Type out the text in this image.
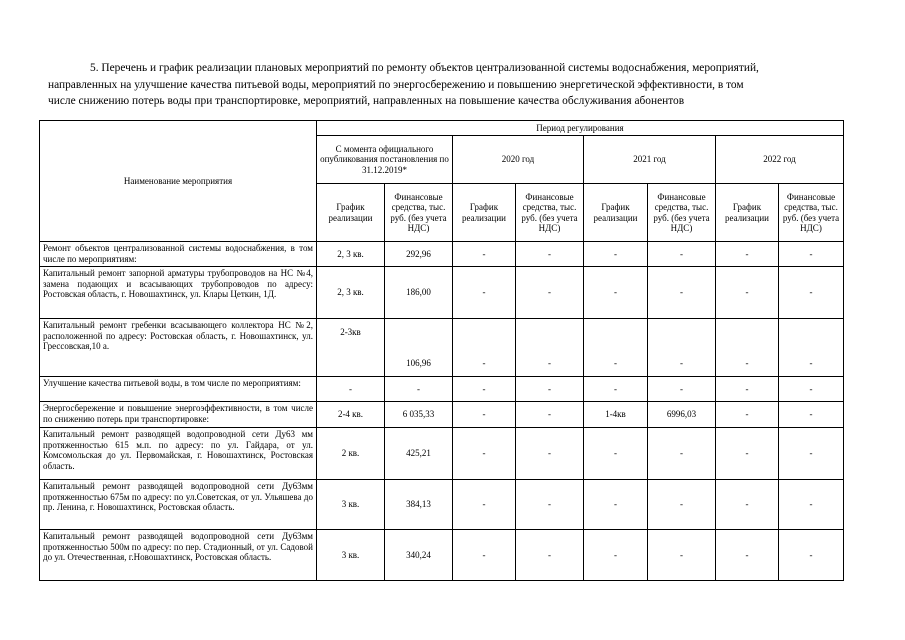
5. Перечень и график реализации плановых мероприятий по ремонту объектов централизованной системы водоснабжения, мероприятий,
направленных на улучшение качества питьевой воды, мероприятий по энергосбережению и повышению энергетической эффективности, в том
числе снижению потерь воды при транспортировке, мероприятий, направленных на повышение качества обслуживания абонентов
Наименование мероприятия	Период регулирования							
	С момента официального опубликования постановления по 31.12.2019*		2020 год		2021 год		2022 год	
	График реализации	Финансовые средства, тыс. руб. (без учета НДС)	График реализации	Финансовые средства, тыс. руб. (без учета НДС)	График реализации	Финансовые средства, тыс. руб. (без учета НДС)	График реализации	Финансовые средства, тыс. руб. (без учета НДС)
Ремонт объектов централизованной системы водоснабжения, в том числе по мероприятиям:	2, 3 кв.	292,96	-	-	-	-	-	-
Капитальный ремонт запорной арматуры трубопроводов на НС №4, замена подающих и всасывающих трубопроводов по адресу: Ростовская область, г. Новошахтинск, ул. Клары Цеткин, 1Д.	2, 3 кв.	186,00	-	-	-	-	-	-
Капитальный ремонт гребенки всасывающего коллектора НС №2, расположенной по адресу: Ростовская область, г. Новошахтинск, ул. Грессовская,10 а.	2-3кв	106,96	-	-	-	-	-	-
Улучшение качества питьевой воды, в том числе по мероприятиям:	-	-	-	-	-	-	-	-
Энергосбережение и повышение энергоэффективности, в том числе по снижению потерь при транспортировке:	2-4 кв.	6 035,33	-	-	1-4кв	6996,03	-	-
Капитальный ремонт разводящей водопроводной сети Ду63 мм протяженностью 615 м.п. по адресу: по ул. Гайдара, от ул. Комсомольская до ул. Первомайская, г. Новошахтинск, Ростовская область.	2 кв.	425,21	-	-	-	-	-	-
Капитальный ремонт разводящей водопроводной сети Ду63мм протяженностью 675м по адресу: по ул.Советская, от ул. Ульяшева до пр. Ленина, г. Новошахтинск, Ростовская область.	3 кв.	384,13	-	-	-	-	-	-
Капитальный ремонт разводящей водопроводной сети Ду63мм протяженностью 500м по адресу: по пер. Стадионный, от ул. Садовой до ул. Отечественная, г.Новошахтинск, Ростовская область.	3 кв.	340,24	-	-	-	-	-	-
